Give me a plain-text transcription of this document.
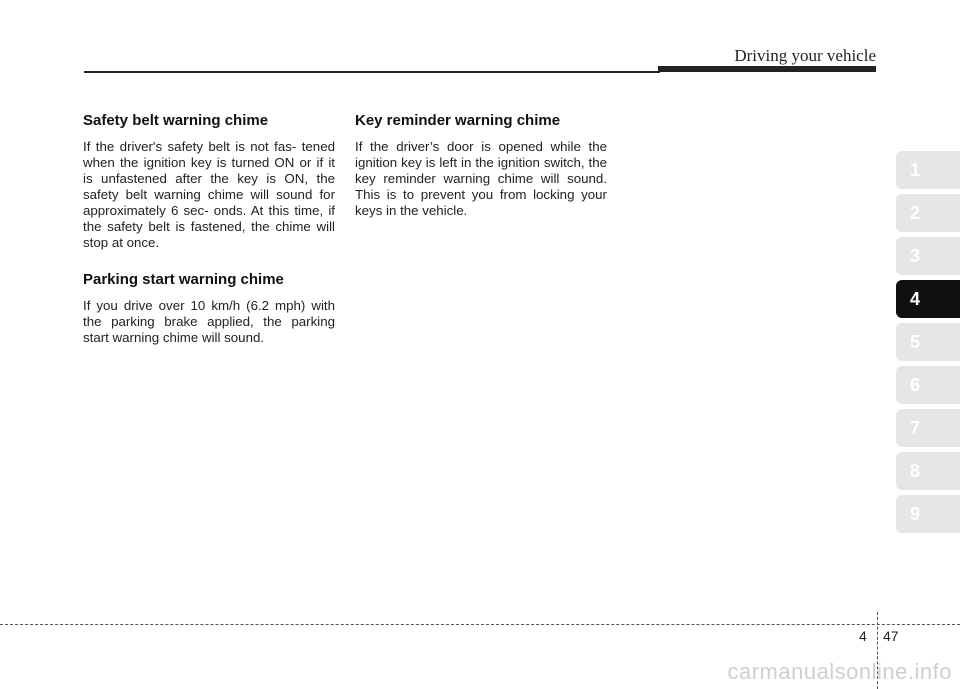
Driving your vehicle
Safety belt warning chime

If the driver's safety belt is not fas- tened when the ignition key is turned ON or if it is unfastened after the key is ON, the safety belt warning chime will sound for approximately 6 sec- onds. At this time, if the safety belt is fastened, the chime will stop at once.

Parking start warning chime

If you drive over 10 km/h (6.2 mph) with the parking brake applied, the parking start warning chime will sound.

Key reminder warning chime

If the driver’s door is opened while the ignition key is left in the ignition switch, the key reminder warning chime will sound. This is to prevent you from locking your keys in the vehicle.

1
2
3
4
5
6
7
8
9
4 47
carmanualsonline.info
